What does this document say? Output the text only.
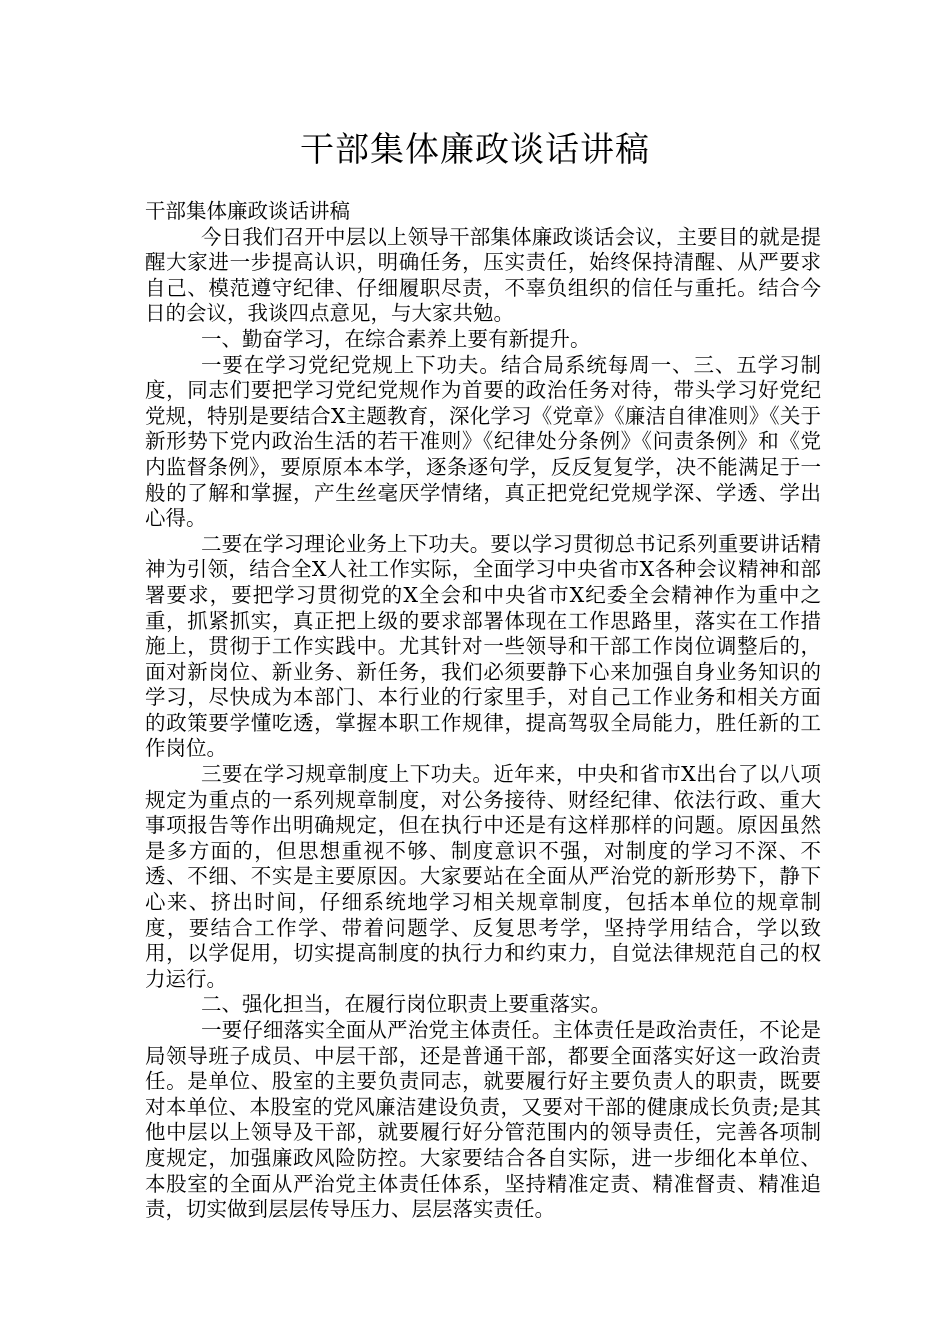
干部集体廉政谈话讲稿

干部集体廉政谈话讲稿

今日我们召开中层以上领导干部集体廉政谈话会议，主要目的就是提醒大家进一步提高认识，明确任务，压实责任，始终保持清醒、从严要求自己、模范遵守纪律、仔细履职尽责，不辜负组织的信任与重托。结合今日的会议，我谈四点意见，与大家共勉。

一、勤奋学习，在综合素养上要有新提升。

一要在学习党纪党规上下功夫。结合局系统每周一、三、五学习制度，同志们要把学习党纪党规作为首要的政治任务对待，带头学习好党纪党规，特别是要结合X主题教育，深化学习《党章》《廉洁自律准则》《关于新形势下党内政治生活的若干准则》《纪律处分条例》《问责条例》和《党内监督条例》，要原原本本学，逐条逐句学，反反复复学，决不能满足于一般的了解和掌握，产生丝毫厌学情绪，真正把党纪党规学深、学透、学出心得。

二要在学习理论业务上下功夫。要以学习贯彻总书记系列重要讲话精神为引领，结合全X人社工作实际，全面学习中央省市X各种会议精神和部署要求，要把学习贯彻党的X全会和中央省市X纪委全会精神作为重中之重，抓紧抓实，真正把上级的要求部署体现在工作思路里，落实在工作措施上，贯彻于工作实践中。尤其针对一些领导和干部工作岗位调整后的，面对新岗位、新业务、新任务，我们必须要静下心来加强自身业务知识的学习，尽快成为本部门、本行业的行家里手，对自己工作业务和相关方面的政策要学懂吃透，掌握本职工作规律，提高驾驭全局能力，胜任新的工作岗位。

三要在学习规章制度上下功夫。近年来，中央和省市X出台了以八项规定为重点的一系列规章制度，对公务接待、财经纪律、依法行政、重大事项报告等作出明确规定，但在执行中还是有这样那样的问题。原因虽然是多方面的，但思想重视不够、制度意识不强，对制度的学习不深、不透、不细、不实是主要原因。大家要站在全面从严治党的新形势下，静下心来、挤出时间，仔细系统地学习相关规章制度，包括本单位的规章制度，要结合工作学、带着问题学、反复思考学，坚持学用结合，学以致用，以学促用，切实提高制度的执行力和约束力，自觉法律规范自己的权力运行。

二、强化担当，在履行岗位职责上要重落实。

一要仔细落实全面从严治党主体责任。主体责任是政治责任，不论是局领导班子成员、中层干部，还是普通干部，都要全面落实好这一政治责任。是单位、股室的主要负责同志，就要履行好主要负责人的职责，既要对本单位、本股室的党风廉洁建设负责，又要对干部的健康成长负责;是其他中层以上领导及干部，就要履行好分管范围内的领导责任，完善各项制度规定，加强廉政风险防控。大家要结合各自实际，进一步细化本单位、本股室的全面从严治党主体责任体系，坚持精准定责、精准督责、精准追责，切实做到层层传导压力、层层落实责任。
